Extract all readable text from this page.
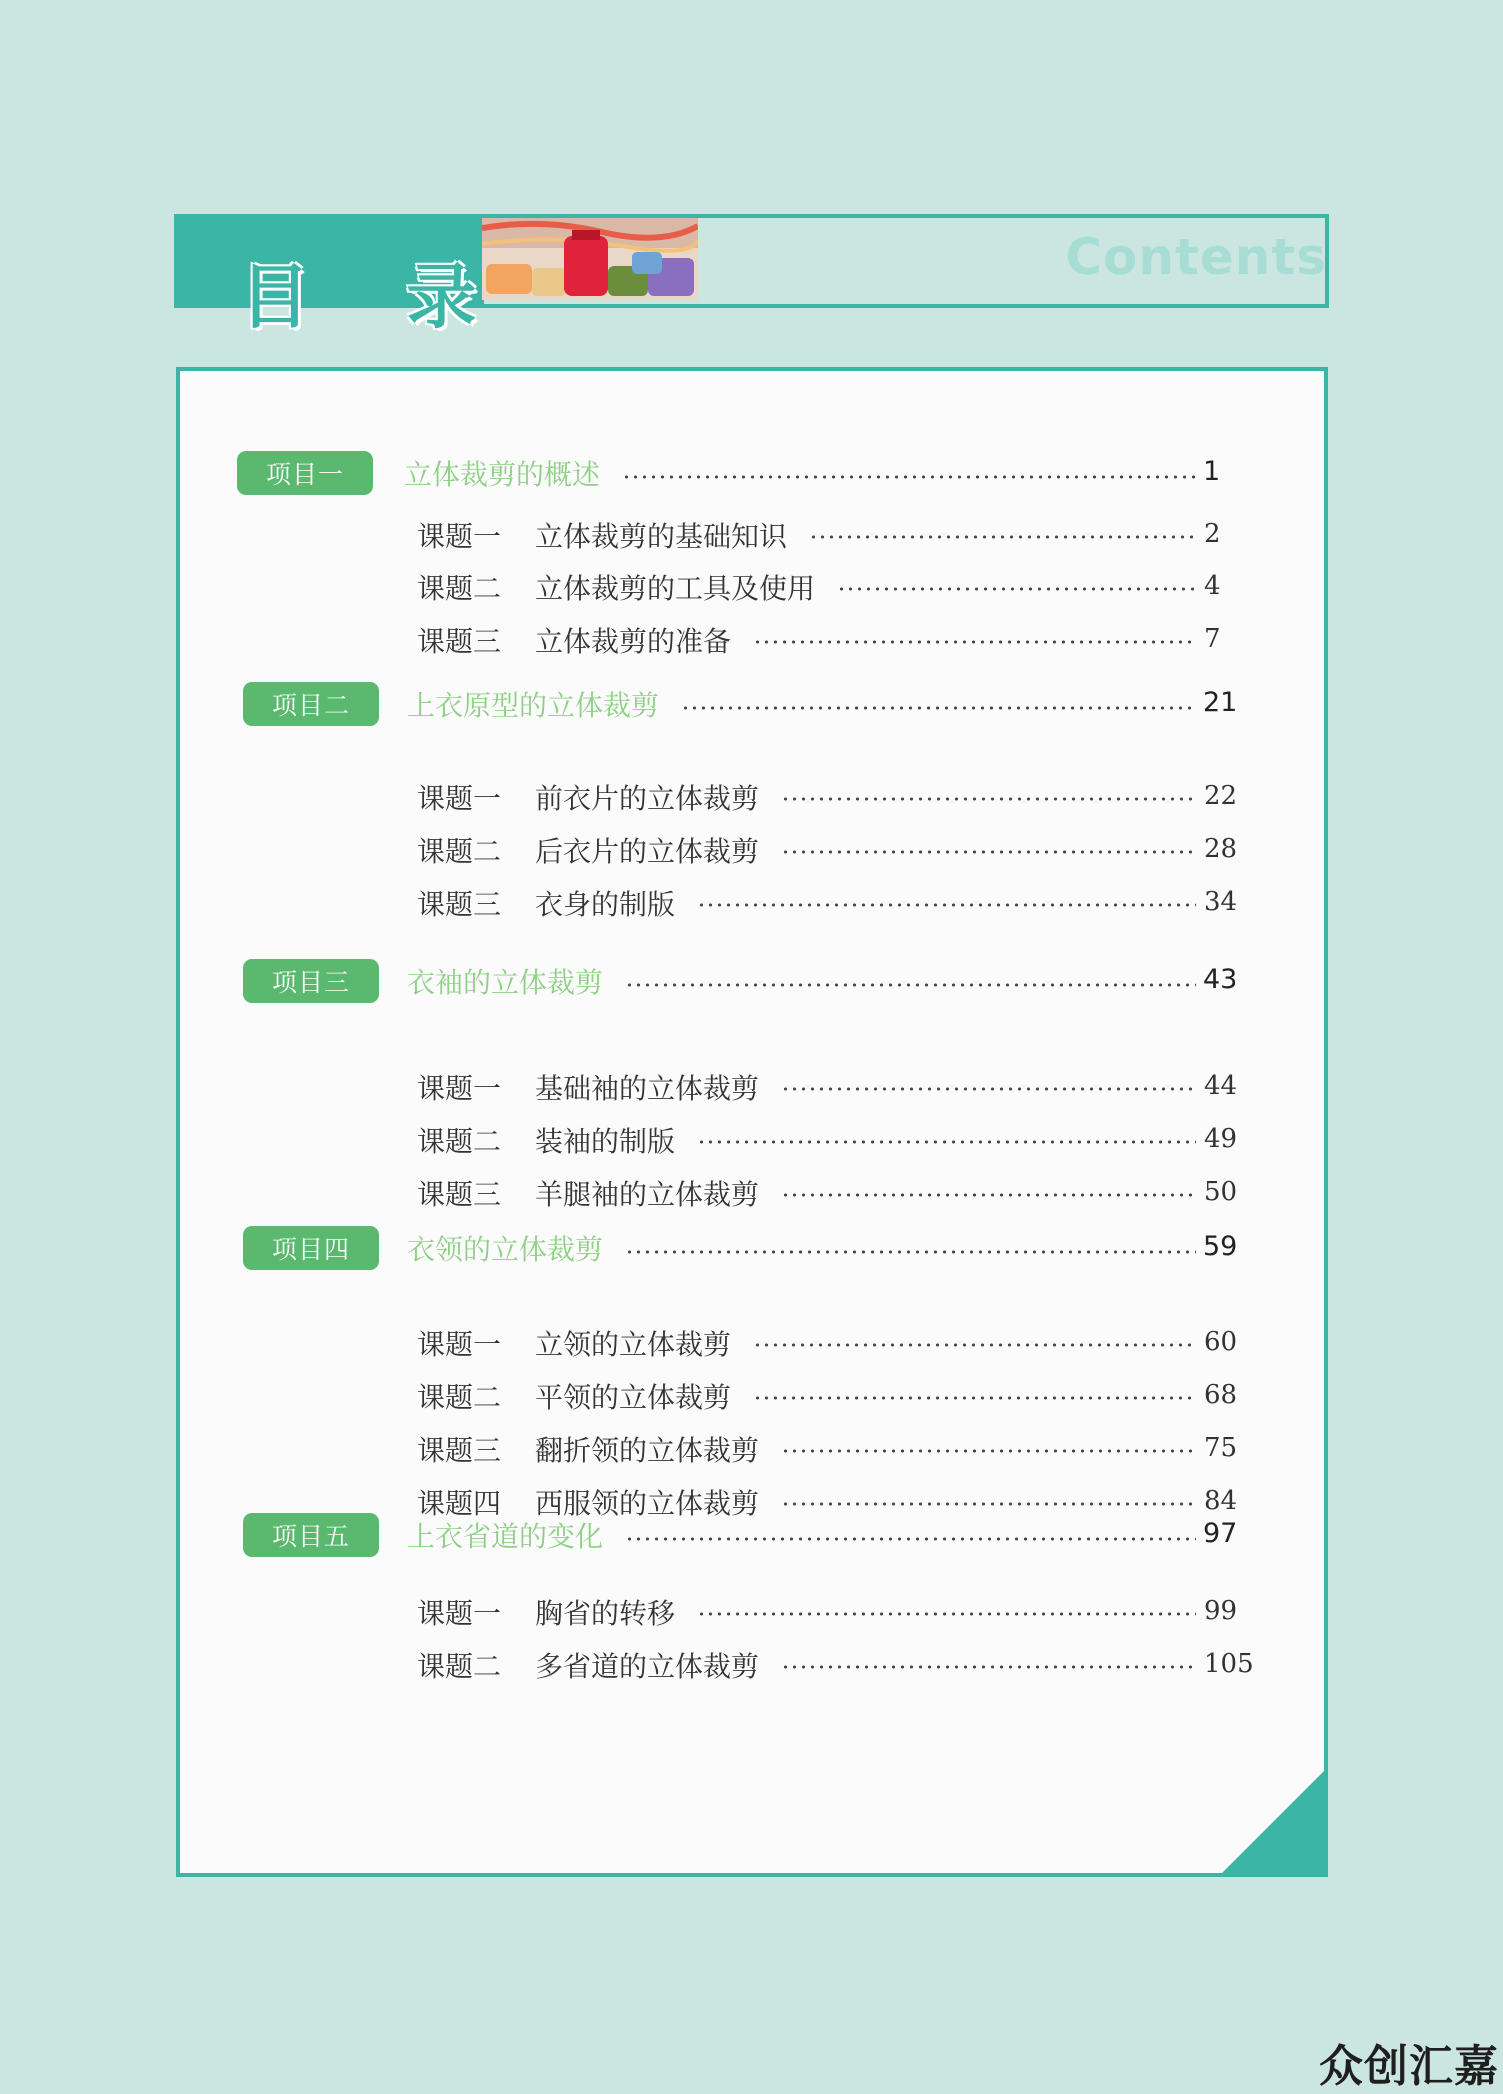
目 录	Contents
项目一	立体裁剪的概述	1
课题一 立体裁剪的基础知识	2
课题二 立体裁剪的工具及使用	4
课题三 立体裁剪的准备	7
项目二	上衣原型的立体裁剪	21
课题一 前衣片的立体裁剪	22
课题二 后衣片的立体裁剪	28
课题三 衣身的制版	34
项目三	衣袖的立体裁剪	43
课题一 基础袖的立体裁剪	44
课题二 装袖的制版	49
课题三 羊腿袖的立体裁剪	50
项目四	衣领的立体裁剪	59
课题一 立领的立体裁剪	60
课题二 平领的立体裁剪	68
课题三 翻折领的立体裁剪	75
课题四 西服领的立体裁剪	84
项目五	上衣省道的变化	97
课题一 胸省的转移	99
课题二 多省道的立体裁剪	105
众创汇嘉
